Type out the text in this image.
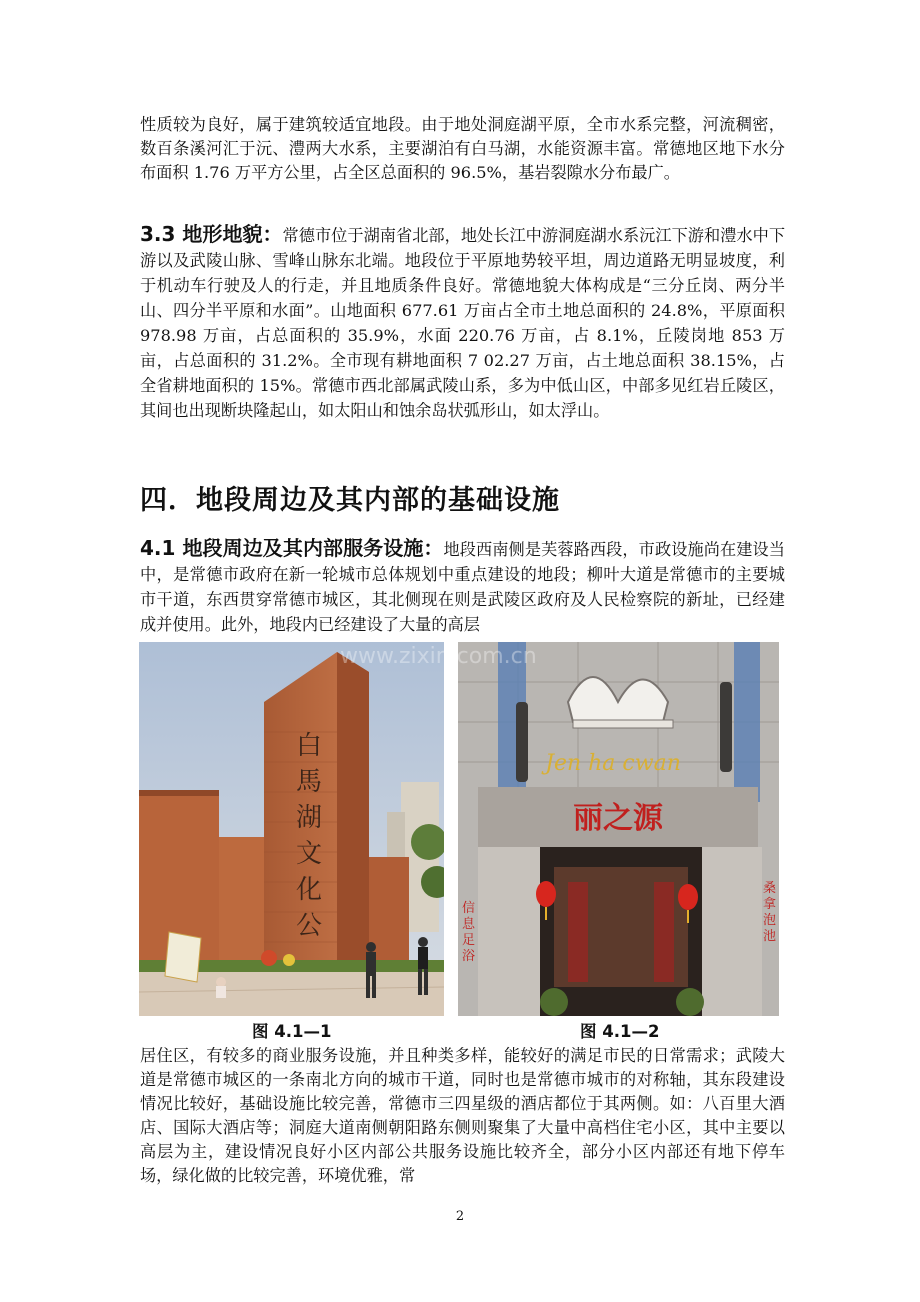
性质较为良好，属于建筑较适宜地段。由于地处洞庭湖平原，全市水系完整，河流稠密，数百条溪河汇于沅、澧两大水系，主要湖泊有白马湖，水能资源丰富。常德地区地下水分布面积 1.76 万平方公里，占全区总面积的 96.5%，基岩裂隙水分布最广。
3.3 地形地貌：常德市位于湖南省北部，地处长江中游洞庭湖水系沅江下游和澧水中下游以及武陵山脉、雪峰山脉东北端。地段位于平原地势较平坦，周边道路无明显坡度，利于机动车行驶及人的行走，并且地质条件良好。常德地貌大体构成是“三分丘岗、两分半山、四分半平原和水面”。山地面积 677.61 万亩占全市土地总面积的 24.8%，平原面积 978.98 万亩，占总面积的 35.9%，水面 220.76 万亩，占 8.1%，丘陵岗地 853 万亩，占总面积的 31.2%。全市现有耕地面积 7 02.27 万亩，占土地总面积 38.15%，占全省耕地面积的 15%。常德市西北部属武陵山系，多为中低山区，中部多见红岩丘陵区，其间也出现断块隆起山，如太阳山和蚀余岛状弧形山，如太浮山。
四．地段周边及其内部的基础设施
4.1 地段周边及其内部服务设施：地段西南侧是芙蓉路西段，市政设施尚在建设当中，是常德市政府在新一轮城市总体规划中重点建设的地段；柳叶大道是常德市的主要城市干道，东西贯穿常德市城区，其北侧现在则是武陵区政府及人民检察院的新址，已经建成并使用。此外，地段内已经建设了大量的高层
白
馬
湖
文
化
公
Jen ha cwan
丽之源
信息足浴
桑拿泡池
www.zixin.com.cn
图 4.1—1	图 4.1—2
居住区，有较多的商业服务设施，并且种类多样，能较好的满足市民的日常需求；武陵大道是常德市城区的一条南北方向的城市干道，同时也是常德市城市的对称轴，其东段建设情况比较好，基础设施比较完善，常德市三四星级的酒店都位于其两侧。如：八百里大酒店、国际大酒店等；洞庭大道南侧朝阳路东侧则聚集了大量中高档住宅小区，其中主要以高层为主，建设情况良好小区内部公共服务设施比较齐全，部分小区内部还有地下停车场，绿化做的比较完善，环境优雅，常
2
